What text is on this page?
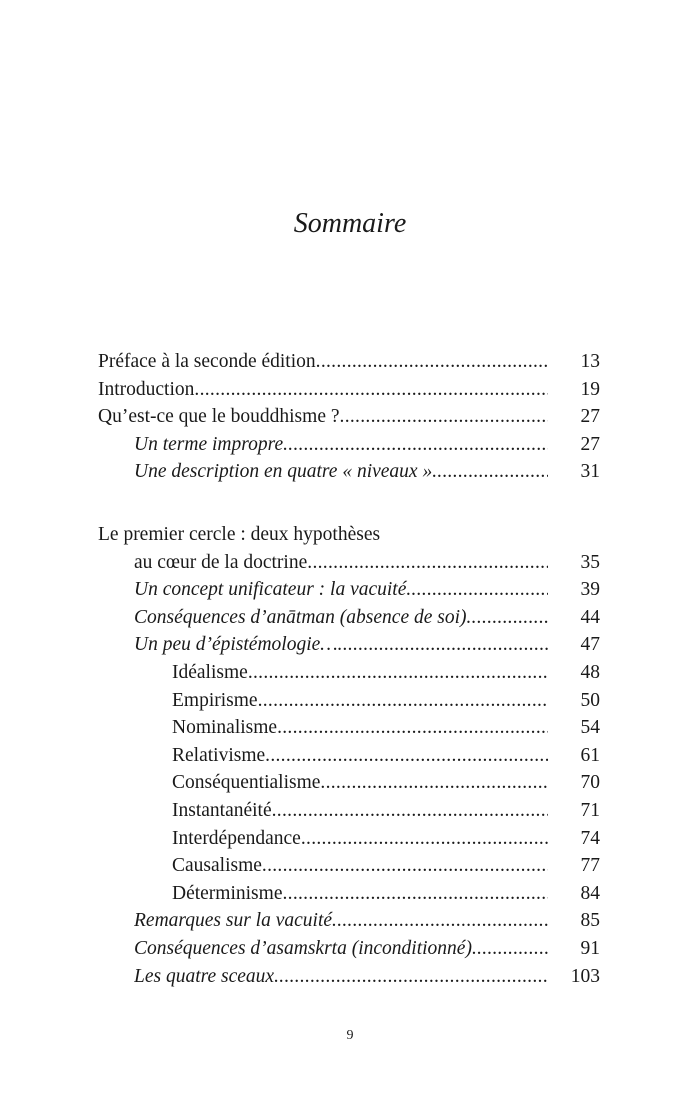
Sommaire
Préface à la seconde édition .....	13
Introduction .....	19
Qu’est-ce que le bouddhisme ? .....	27
Un terme impropre .....	27
Une description en quatre « niveaux » .....	31
Le premier cercle : deux hypothèses
au cœur de la doctrine .....	35
Un concept unificateur : la vacuité .....	39
Conséquences d’anātman (absence de soi) .....	44
Un peu d’épistémologie… .....	47
Idéalisme .....	48
Empirisme .....	50
Nominalisme .....	54
Relativisme .....	61
Conséquentialisme .....	70
Instantanéité .....	71
Interdépendance .....	74
Causalisme .....	77
Déterminisme .....	84
Remarques sur la vacuité .....	85
Conséquences d’asamskrta (inconditionné) .....	91
Les quatre sceaux .....	103
9
